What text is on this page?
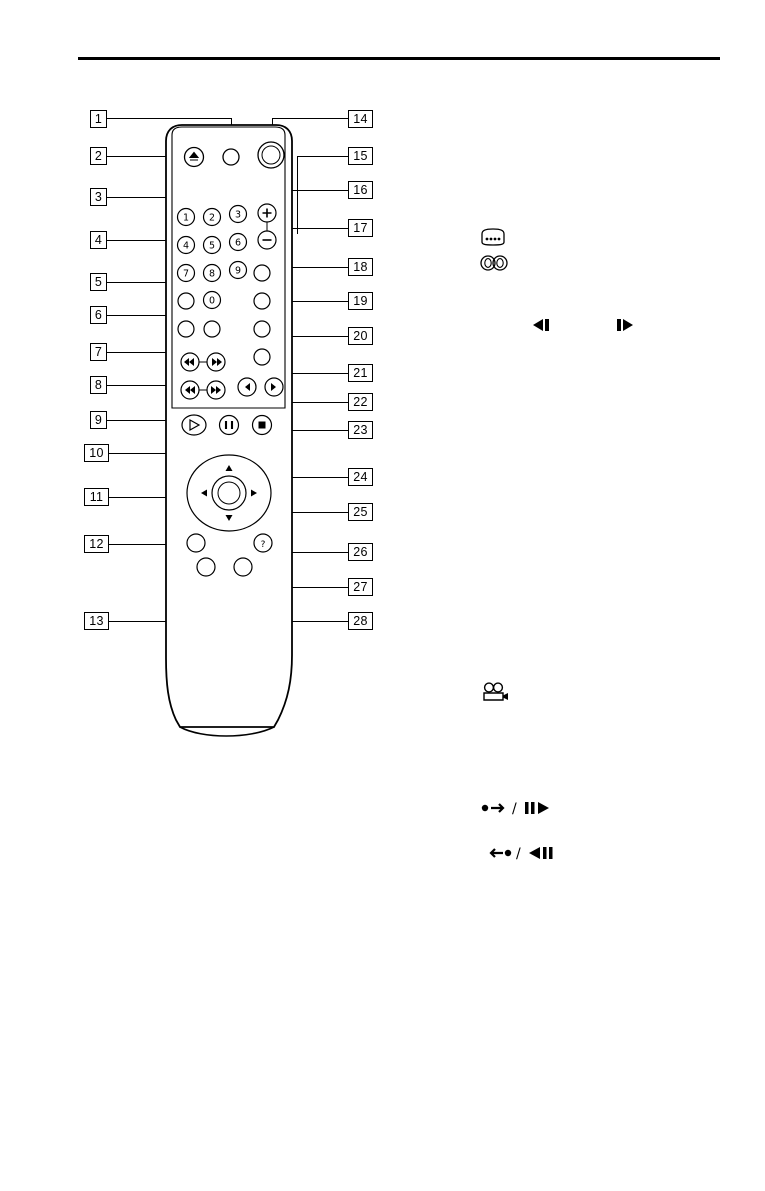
1
2
3
4
5
6
7
8
9
10
11
12
13
14
15
16
17
18
19
20
21
22
23
24
25
26
27
28
1 2 3
4 5 6
7 8 9
0
?
/
/
